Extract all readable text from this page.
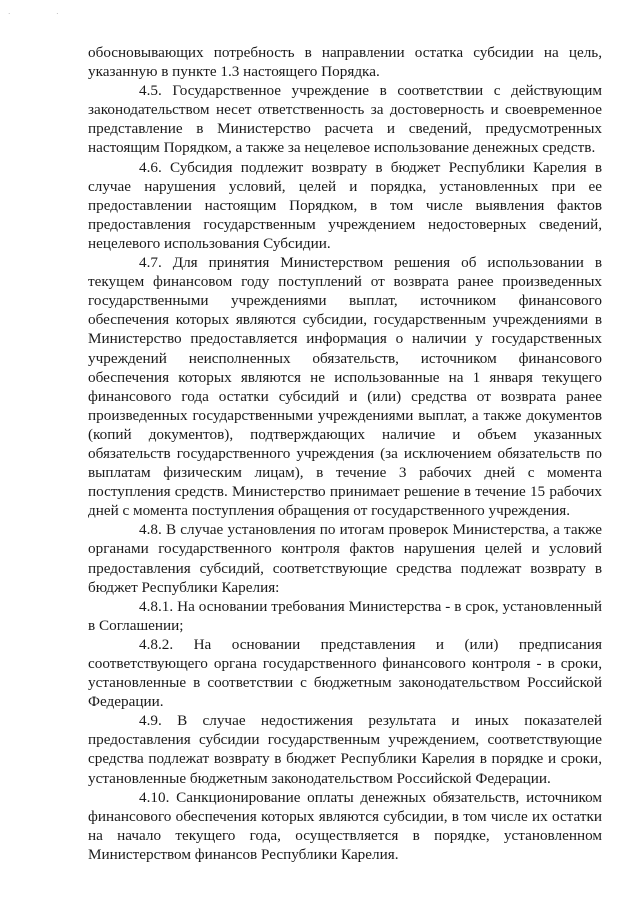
· ·

обосновывающих потребность в направлении остатка субсидии на цель, указанную в пункте 1.3 настоящего Порядка.

4.5. Государственное учреждение в соответствии с действующим законодательством несет ответственность за достоверность и своевременное представление в Министерство расчета и сведений, предусмотренных настоящим Порядком, а также за нецелевое использование денежных средств.

4.6. Субсидия подлежит возврату в бюджет Республики Карелия в случае нарушения условий, целей и порядка, установленных при ее предоставлении настоящим Порядком, в том числе выявления фактов предоставления государственным учреждением недостоверных сведений, нецелевого использования Субсидии.

4.7. Для принятия Министерством решения об использовании в текущем финансовом году поступлений от возврата ранее произведенных государственными учреждениями выплат, источником финансового обеспечения которых являются субсидии, государственным учреждениями в Министерство предоставляется информация о наличии у государственных учреждений неисполненных обязательств, источником финансового обеспечения которых являются не использованные на 1 января текущего финансового года остатки субсидий и (или) средства от возврата ранее произведенных государственными учреждениями выплат, а также документов (копий документов), подтверждающих наличие и объем указанных обязательств государственного учреждения (за исключением обязательств по выплатам физическим лицам), в течение 3 рабочих дней с момента поступления средств. Министерство принимает решение в течение 15 рабочих дней с момента поступления обращения от государственного учреждения.

4.8. В случае установления по итогам проверок Министерства, а также органами государственного контроля фактов нарушения целей и условий предоставления субсидий, соответствующие средства подлежат возврату в бюджет Республики Карелия:

4.8.1. На основании требования Министерства - в срок, установленный в Соглашении;

4.8.2. На основании представления и (или) предписания соответствующего органа государственного финансового контроля - в сроки, установленные в соответствии с бюджетным законодательством Российской Федерации.

4.9. В случае недостижения результата и иных показателей предоставления субсидии государственным учреждением, соответствующие средства подлежат возврату в бюджет Республики Карелия в порядке и сроки, установленные бюджетным законодательством Российской Федерации.

4.10. Санкционирование оплаты денежных обязательств, источником финансового обеспечения которых являются субсидии, в том числе их остатки на начало текущего года, осуществляется в порядке, установленном Министерством финансов Республики Карелия.
